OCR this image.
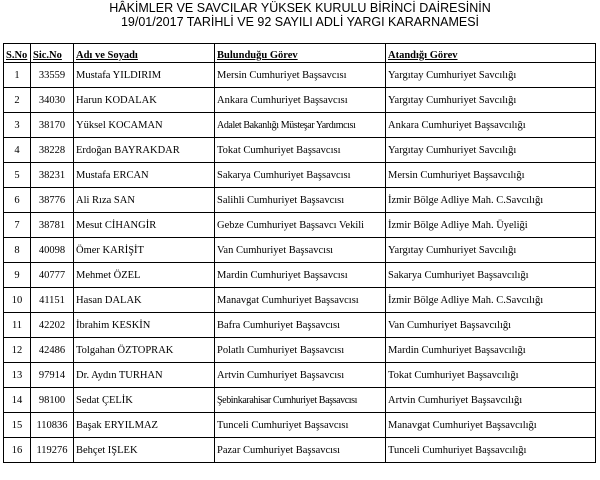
HÂKİMLER VE SAVCILAR YÜKSEK KURULU BİRİNCİ DAİRESİNİN
19/01/2017 TARİHLİ VE 92 SAYILI ADLİ YARGI KARARNAMESİ
S.No	Sic.No	Adı ve Soyadı	Bulunduğu Görev	Atandığı Görev
1	33559	Mustafa YILDIRIM	Mersin Cumhuriyet Başsavcısı	Yargıtay Cumhuriyet Savcılığı
2	34030	Harun KODALAK	Ankara Cumhuriyet Başsavcısı	Yargıtay Cumhuriyet Savcılığı
3	38170	Yüksel KOCAMAN	Adalet Bakanlığı Müsteşar Yardımcısı	Ankara Cumhuriyet Başsavcılığı
4	38228	Erdoğan BAYRAKDAR	Tokat Cumhuriyet Başsavcısı	Yargıtay Cumhuriyet Savcılığı
5	38231	Mustafa ERCAN	Sakarya Cumhuriyet Başsavcısı	Mersin Cumhuriyet Başsavcılığı
6	38776	Ali Rıza SAN	Salihli Cumhuriyet Başsavcısı	İzmir Bölge Adliye Mah. C.Savcılığı
7	38781	Mesut CİHANGİR	Gebze Cumhuriyet Başsavcı Vekili	İzmir Bölge Adliye Mah. Üyeliği
8	40098	Ömer KARİŞİT	Van Cumhuriyet Başsavcısı	Yargıtay Cumhuriyet Savcılığı
9	40777	Mehmet ÖZEL	Mardin Cumhuriyet Başsavcısı	Sakarya Cumhuriyet Başsavcılığı
10	41151	Hasan DALAK	Manavgat Cumhuriyet Başsavcısı	İzmir Bölge Adliye Mah. C.Savcılığı
11	42202	İbrahim KESKİN	Bafra Cumhuriyet Başsavcısı	Van Cumhuriyet Başsavcılığı
12	42486	Tolgahan ÖZTOPRAK	Polatlı Cumhuriyet Başsavcısı	Mardin Cumhuriyet Başsavcılığı
13	97914	Dr. Aydın TURHAN	Artvin Cumhuriyet Başsavcısı	Tokat Cumhuriyet Başsavcılığı
14	98100	Sedat ÇELİK	Şebinkarahisar Cumhuriyet Başsavcısı	Artvin Cumhuriyet Başsavcılığı
15	110836	Başak ERYILMAZ	Tunceli Cumhuriyet Başsavcısı	Manavgat Cumhuriyet Başsavcılığı
16	119276	Behçet IŞLEK	Pazar Cumhuriyet Başsavcısı	Tunceli Cumhuriyet Başsavcılığı
